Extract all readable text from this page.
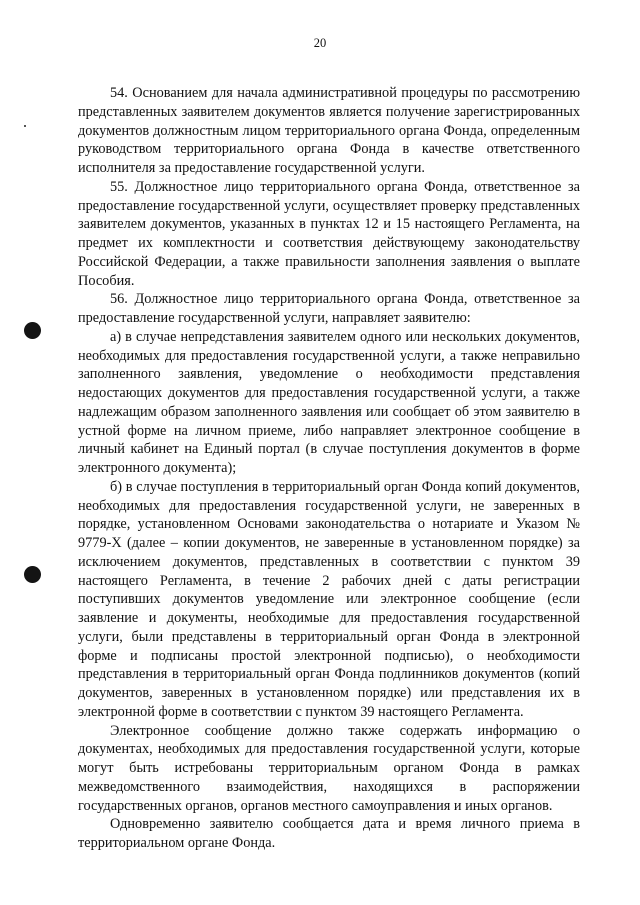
20

54. Основанием для начала административной процедуры по рассмотрению представленных заявителем документов является получение зарегистрированных документов должностным лицом территориального органа Фонда, определенным руководством территориального органа Фонда в качестве ответственного исполнителя за предоставление государственной услуги.

55. Должностное лицо территориального органа Фонда, ответственное за предоставление государственной услуги, осуществляет проверку представленных заявителем документов, указанных в пунктах 12 и 15 настоящего Регламента, на предмет их комплектности и соответствия действующему законодательству Российской Федерации, а также правильности заполнения заявления о выплате Пособия.

56. Должностное лицо территориального органа Фонда, ответственное за предоставление государственной услуги, направляет заявителю:

а) в случае непредставления заявителем одного или нескольких документов, необходимых для предоставления государственной услуги, а также неправильно заполненного заявления, уведомление о необходимости представления недостающих документов для предоставления государственной услуги, а также надлежащим образом заполненного заявления или сообщает об этом заявителю в устной форме на личном приеме, либо направляет электронное сообщение в личный кабинет на Единый портал (в случае поступления документов в форме электронного документа);

б) в случае поступления в территориальный орган Фонда копий документов, необходимых для предоставления государственной услуги, не заверенных в порядке, установленном Основами законодательства о нотариате и Указом № 9779-Х (далее – копии документов, не заверенные в установленном порядке) за исключением документов, представленных в соответствии с пунктом 39 настоящего Регламента, в течение 2 рабочих дней с даты регистрации поступивших документов уведомление или электронное сообщение (если заявление и документы, необходимые для предоставления государственной услуги, были представлены в территориальный орган Фонда в электронной форме и подписаны простой электронной подписью), о необходимости представления в территориальный орган Фонда подлинников документов (копий документов, заверенных в установленном порядке) или представления их в электронной форме в соответствии с пунктом 39 настоящего Регламента.

Электронное сообщение должно также содержать информацию о документах, необходимых для предоставления государственной услуги, которые могут быть истребованы территориальным органом Фонда в рамках межведомственного взаимодействия, находящихся в распоряжении государственных органов, органов местного самоуправления и иных органов.

Одновременно заявителю сообщается дата и время личного приема в территориальном органе Фонда.
